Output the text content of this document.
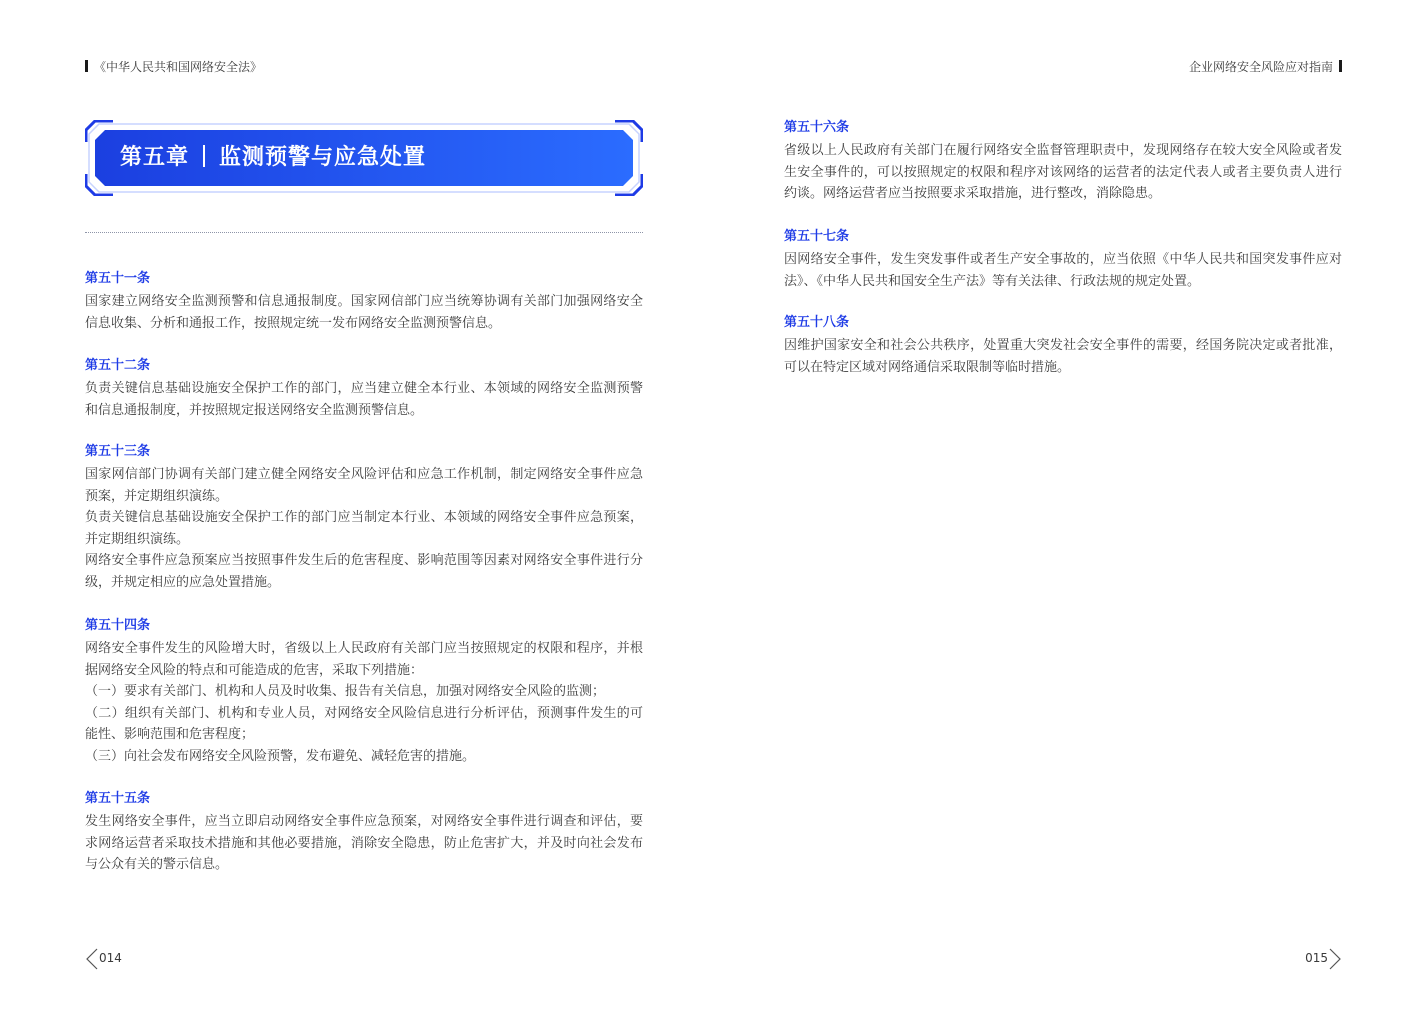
《中华人民共和国网络安全法》	企业网络安全风险应对指南
第五章 监测预警与应急处置
第五十一条

国家建立网络安全监测预警和信息通报制度。国家网信部门应当统筹协调有关部门加强网络安全信息收集、分析和通报工作，按照规定统一发布网络安全监测预警信息。

第五十二条

负责关键信息基础设施安全保护工作的部门，应当建立健全本行业、本领域的网络安全监测预警和信息通报制度，并按照规定报送网络安全监测预警信息。

第五十三条

国家网信部门协调有关部门建立健全网络安全风险评估和应急工作机制，制定网络安全事件应急预案，并定期组织演练。

负责关键信息基础设施安全保护工作的部门应当制定本行业、本领域的网络安全事件应急预案，并定期组织演练。

网络安全事件应急预案应当按照事件发生后的危害程度、影响范围等因素对网络安全事件进行分级，并规定相应的应急处置措施。

第五十四条

网络安全事件发生的风险增大时，省级以上人民政府有关部门应当按照规定的权限和程序，并根据网络安全风险的特点和可能造成的危害，采取下列措施：

（一）要求有关部门、机构和人员及时收集、报告有关信息，加强对网络安全风险的监测；

（二）组织有关部门、机构和专业人员，对网络安全风险信息进行分析评估，预测事件发生的可能性、影响范围和危害程度；

（三）向社会发布网络安全风险预警，发布避免、减轻危害的措施。

第五十五条

发生网络安全事件，应当立即启动网络安全事件应急预案，对网络安全事件进行调查和评估，要求网络运营者采取技术措施和其他必要措施，消除安全隐患，防止危害扩大，并及时向社会发布与公众有关的警示信息。

第五十六条

省级以上人民政府有关部门在履行网络安全监督管理职责中，发现网络存在较大安全风险或者发生安全事件的，可以按照规定的权限和程序对该网络的运营者的法定代表人或者主要负责人进行约谈。网络运营者应当按照要求采取措施，进行整改，消除隐患。

第五十七条

因网络安全事件，发生突发事件或者生产安全事故的，应当依照《中华人民共和国突发事件应对法》、《中华人民共和国安全生产法》等有关法律、行政法规的规定处置。

第五十八条

因维护国家安全和社会公共秩序，处置重大突发社会安全事件的需要，经国务院决定或者批准，可以在特定区域对网络通信采取限制等临时措施。

014	015
